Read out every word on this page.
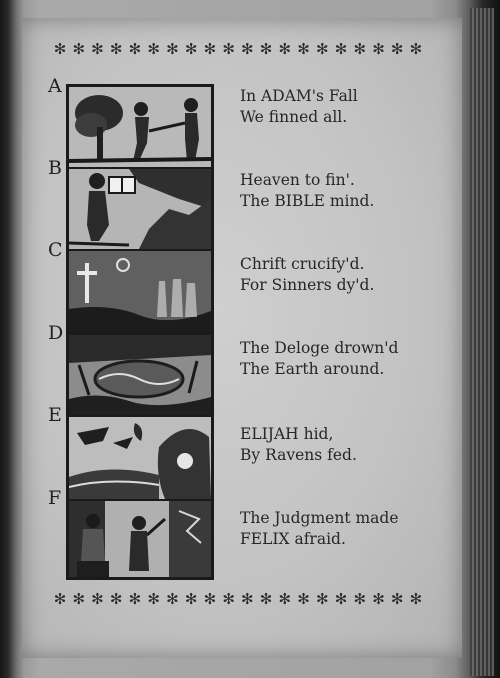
✻ ✻ ✻ ✻ ✻ ✻ ✻ ✻ ✻ ✻ ✻ ✻ ✻ ✻ ✻ ✻ ✻ ✻ ✻ ✻
✻ ✻ ✻ ✻ ✻ ✻ ✻ ✻ ✻ ✻ ✻ ✻ ✻ ✻ ✻ ✻ ✻ ✻ ✻ ✻
A
B
C
D
E
F
In ADAM's Fall
We finned all.
Heaven to fin'.
The BIBLE mind.
Chrift crucify'd.
For Sinners dy'd.
The Deloge drown'd
The Earth around.
ELIJAH hid,
By Ravens fed.
The Judgment made
FELIX afraid.
